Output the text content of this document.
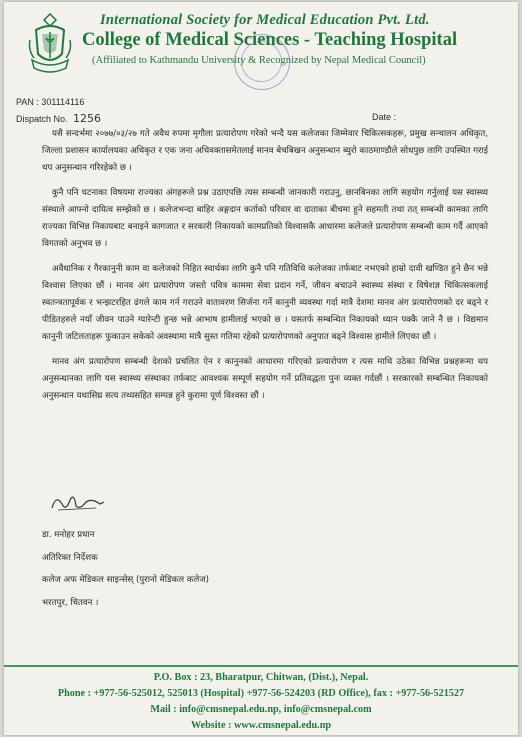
International Society for Medical Education Pvt. Ltd.
College of Medical Sciences - Teaching Hospital
(Affiliated to Kathmandu University & Recognized by Nepal Medical Council)
PAN : 301114116
Dispatch No. 1256	Date :

यसै सन्दर्भमा २०७७/०३/२७ गते अवैध रुपमा मृगौला प्रत्यारोपण गरेको भन्दै यस कलेजका जिम्मेवार चिकित्सकहरू, प्रमुख सन्चालन अधिकृत, जिल्ला प्रशासन कार्यालयका अधिकृत र एक जना अधिवक्तासमेतलाई मानव बेचबिखन अनुसन्धान ब्युरो काठमाण्डौले सोधपुछ लागि उपस्थित गराई थप अनुसन्धान गरिरहेको छ ।

कुनै पनि घटनाका विषयमा राज्यका अंगहरूले प्रश्न उठाएपछि त्यस सम्बन्धी जानकारी गराउनु, छानबिनका लागि सहयोग गर्नुलाई यस स्वास्थ्य संस्थाले आफ्नो दायित्व सम्झेको छ । कलेजभन्दा बाहिर अङ्गदान कर्ताको परिवार वा दाताका बीचमा हुने सहमती तथा तत् सम्बन्धी कामका लागि राज्यका विभिन्न निकायबाट बनाइने कागजात र सरकारी निकायको कामप्रतिको विश्वासकै आधारमा कलेजले प्रत्यारोपण सम्बन्धी काम गर्दै आएको विगतको अनुभव छ ।

अवैधानिक र गैरकानुनी काम वा कलेजको निहित स्वार्थका लागि कुनै पनि गतिविधि कलेजका तर्फबाट नभएको हाम्रो दावी खण्डित हुने छैन भन्ने विश्वास लिएका छौं । मानव अंग प्रत्यारोपण जस्तो पवित्र काममा सेवा प्रदान गर्ने, जीवन बचाउने स्वास्थ्य संस्था र विषेशज्ञ चिकित्सकलाई स्वतन्त्रतापूर्वक र भन्झटरहित ढंगले काम गर्न गराउने वातावरण सिर्जना गर्ने कानुनी व्यवस्था गर्दा मात्रै देशमा मानव अंग प्रत्यारोपणको दर बढ्ने र पीडितहरुले नयाँ जीवन पाउने ग्यारेन्टी हुन्छ भन्ने आभाष हामीलाई भएको छ । यसतर्फ सम्बन्धित निकायको ध्यान पक्कै जाने नै छ । विद्यमान कानुनी जटिलताहरू फुकाउन सकेको अवस्थामा मात्रै सुस्त गतिमा रहेको प्रत्यारोपणको अनुपात बढ्ने विश्वास हामीले लिएका छौं ।

मानव अंग प्रत्यारोपण सम्बन्धी देशको प्रचलित ऐन र कानुनको आधारमा गरिएको प्रत्यारोपण र त्यस माथि उठेका विभिन्न प्रश्नहरूमा थप अनुसन्धानका लागि यस स्वास्थ्य संस्थाका तर्फबाट आवश्यक सम्पूर्ण सहयोग गर्ने प्रतिवद्धता पुनः व्यक्त गर्दछौं । सरकारको सम्बन्धित निकायको अनुसन्धान यथासिघ्र सत्य तथ्यसहित सम्पन्न हुने कुरामा पूर्ण विश्वस्त छौं ।

डा. मनोहर प्रधान
अतिरिक्त निर्देशक
कलेज अफ मेडिकल साइन्सेस् (पुरानो मेडिकल कलेज)
भरतपुर, चितवन ।
P.O. Box : 23, Bharatpur, Chitwan, (Dist.), Nepal.
Phone : +977-56-525012, 525013 (Hospital) +977-56-524203 (RD Office), fax : +977-56-521527
Mail : info@cmsnepal.edu.np, info@cmsnepal.com
Website : www.cmsnepal.edu.np
